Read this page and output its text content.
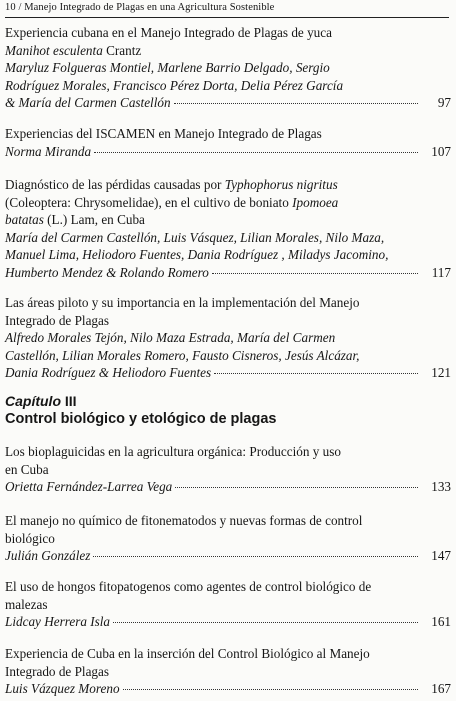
10 / Manejo Integrado de Plagas en una Agricultura Sostenible
Experiencia cubana en el Manejo Integrado de Plagas de yuca
Manihot esculenta Crantz
Maryluz Folgueras Montiel, Marlene Barrio Delgado, Sergio
Rodríguez Morales, Francisco Pérez Dorta, Delia Pérez García
& María del Carmen Castellón	97
Experiencias del ISCAMEN en Manejo Integrado de Plagas
Norma Miranda	107
Diagnóstico de las pérdidas causadas por Typhophorus nigritus
(Coleoptera: Chrysomelidae), en el cultivo de boniato Ipomoea
batatas (L.) Lam, en Cuba
María del Carmen Castellón, Luis Vásquez, Lilian Morales, Nilo Maza,
Manuel Lima, Heliodoro Fuentes, Dania Rodríguez , Miladys Jacomino,
Humberto Mendez & Rolando Romero	117
Las áreas piloto y su importancia en la implementación del Manejo
Integrado de Plagas
Alfredo Morales Tejón, Nilo Maza Estrada, María del Carmen
Castellón, Lilian Morales Romero, Fausto Cisneros, Jesús Alcázar,
Dania Rodríguez & Heliodoro Fuentes	121
Capítulo III
Control biológico y etológico de plagas
Los bioplaguicidas en la agricultura orgánica: Producción y uso
en Cuba
Orietta Fernández-Larrea Vega	133
El manejo no químico de fitonematodos y nuevas formas de control
biológico
Julián González	147
El uso de hongos fitopatogenos como agentes de control biológico de
malezas
Lidcay Herrera Isla	161
Experiencia de Cuba en la inserción del Control Biológico al Manejo
Integrado de Plagas
Luis Vázquez Moreno	167
